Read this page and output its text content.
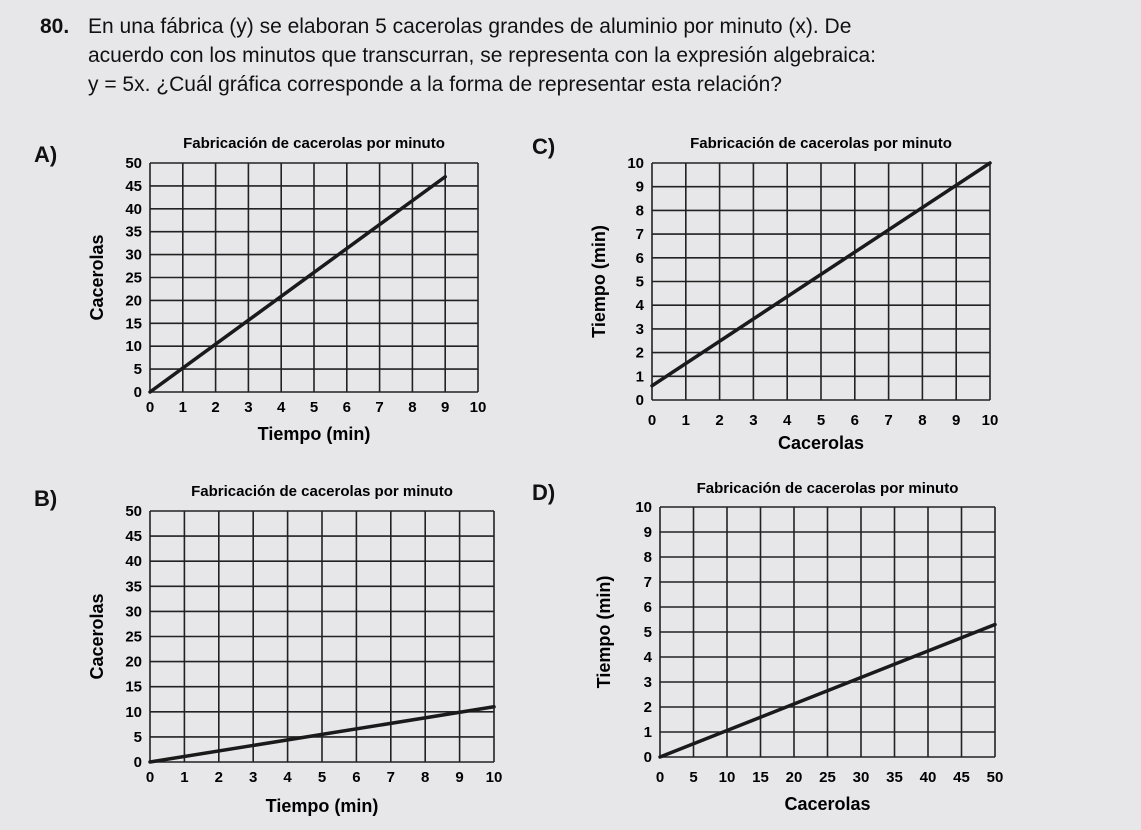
80. En una fábrica (y) se elaboran 5 cacerolas grandes de aluminio por minuto (x). De
acuerdo con los minutos que transcurran, se representa con la expresión algebraica:
y = 5x. ¿Cuál gráfica corresponde a la forma de representar esta relación?
A)	C)
B)	D)
Fabricación de cacerolas por minuto
0 1 2 3 4 5 6 7 8 9 10
0
5
10
15
20
25
30
35
40
45
50
Tiempo (min)
Cacerolas
Fabricación de cacerolas por minuto
0 1 2 3 4 5 6 7 8 9 10
0
5
10
15
20
25
30
35
40
45
50
Tiempo (min)
Cacerolas
Fabricación de cacerolas por minuto
0 1 2 3 4 5 6 7 8 9 10
0
1
2
3
4
5
6
7
8
9
10
Cacerolas
Tiempo (min)
Fabricación de cacerolas por minuto
0 5 10 15 20 25 30 35 40 45 50
0
1
2
3
4
5
6
7
8
9
10
Cacerolas
Tiempo (min)
